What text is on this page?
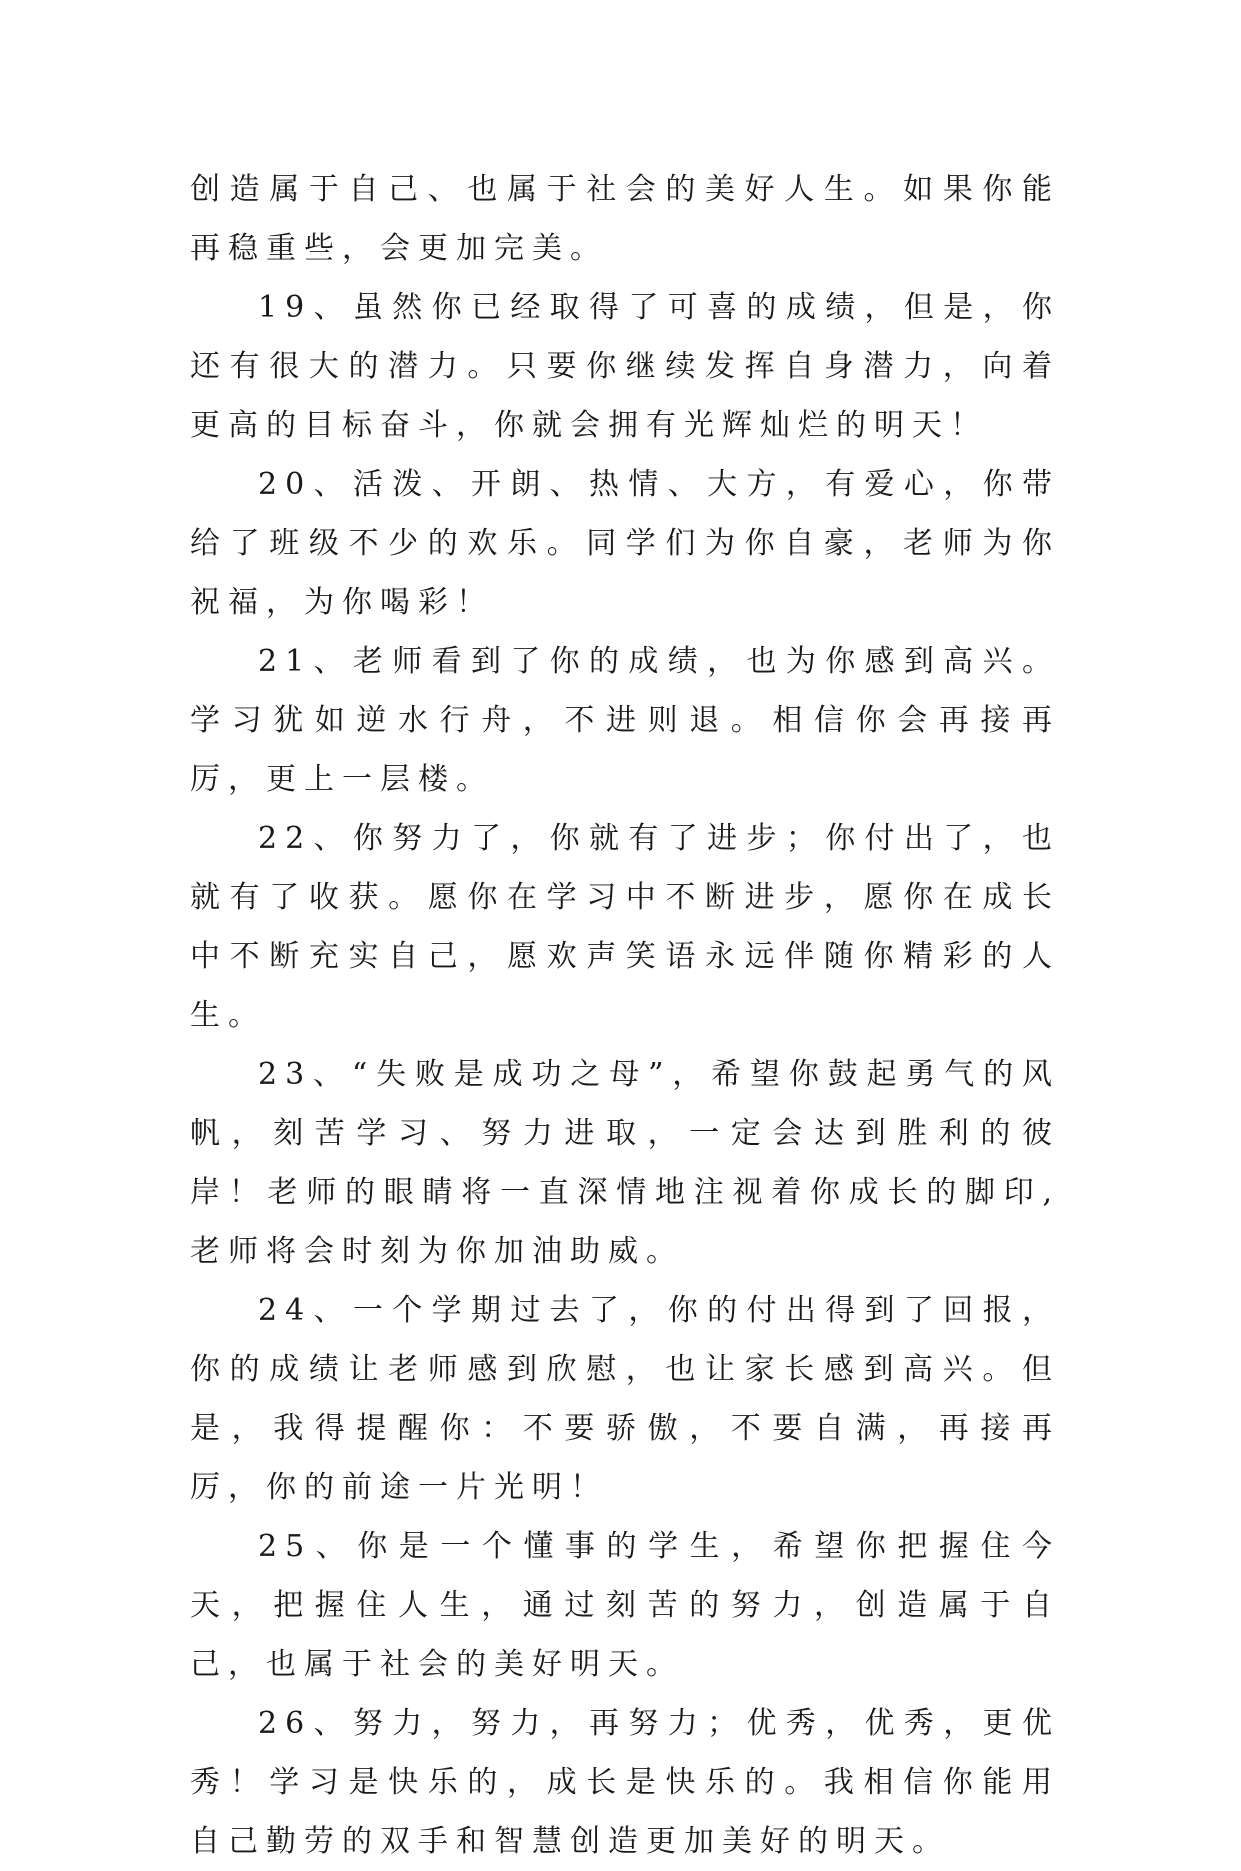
创造属于自己、也属于社会的美好人生。如果你能再稳重些，会更加完美。

19、虽然你已经取得了可喜的成绩，但是，你还有很大的潜力。只要你继续发挥自身潜力，向着更高的目标奋斗，你就会拥有光辉灿烂的明天！

20、活泼、开朗、热情、大方，有爱心，你带给了班级不少的欢乐。同学们为你自豪，老师为你祝福，为你喝彩！

21、老师看到了你的成绩，也为你感到高兴。学习犹如逆水行舟，不进则退。相信你会再接再厉，更上一层楼。

22、你努力了，你就有了进步；你付出了，也就有了收获。愿你在学习中不断进步，愿你在成长中不断充实自己，愿欢声笑语永远伴随你精彩的人生。

23、“失败是成功之母”，希望你鼓起勇气的风帆，刻苦学习、努力进取，一定会达到胜利的彼岸！老师的眼睛将一直深情地注视着你成长的脚印,老师将会时刻为你加油助威。

24、一个学期过去了，你的付出得到了回报，你的成绩让老师感到欣慰，也让家长感到高兴。但是，我得提醒你：不要骄傲，不要自满，再接再厉，你的前途一片光明！

25、你是一个懂事的学生，希望你把握住今天，把握住人生，通过刻苦的努力，创造属于自己，也属于社会的美好明天。

26、努力，努力，再努力；优秀，优秀，更优秀！学习是快乐的，成长是快乐的。我相信你能用自己勤劳的双手和智慧创造更加美好的明天。
